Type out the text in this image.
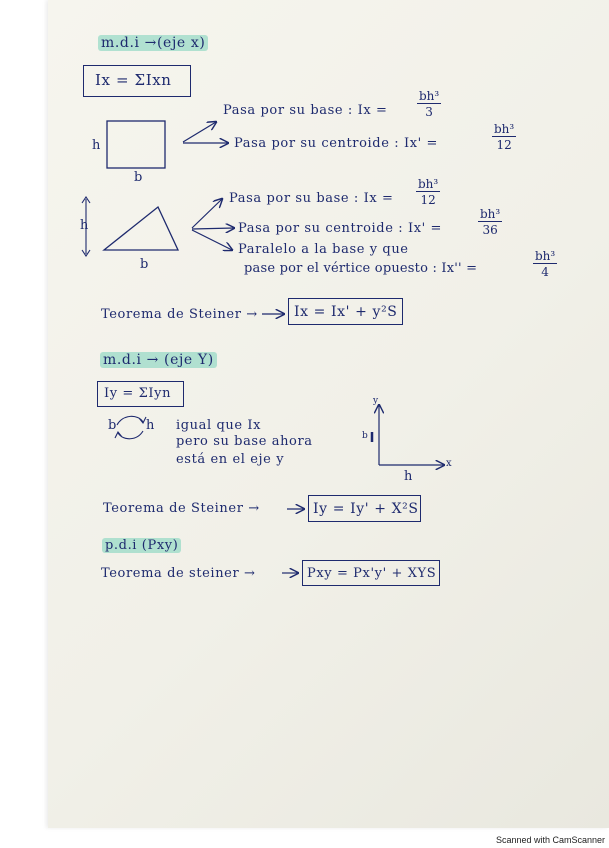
m.d.i →(eje x)
Ix = ΣIxn
h
b
Pasa por su base : $Ix = \frac{\text{bh³}}{3}$
Pasa por su centroide : Ix' =	$\frac{\text{bh³}}{12}$
h
b
Pasa por su base : $Ix = \frac{\text{bh³}}{12}$
Pasa por su centroide : Ix' =	$\frac{\text{bh³}}{36}$
Paralelo a la base y que
pase por el vértice opuesto : Ix'' =	$\frac{\text{bh³}}{4}$
Teorema de Steiner →	Ix = Ix' + y²S
m.d.i → (eje Y)
Iy = ΣIyn
b h igual que Ix
pero su base ahora
está en el eje y
y
b
h
x
Teorema de Steiner →	Iy = Iy' + X²S
p.d.i (Pxy)
Teorema de steiner →	Pxy = Px'y' + XYS
Scanned with CamScanner
